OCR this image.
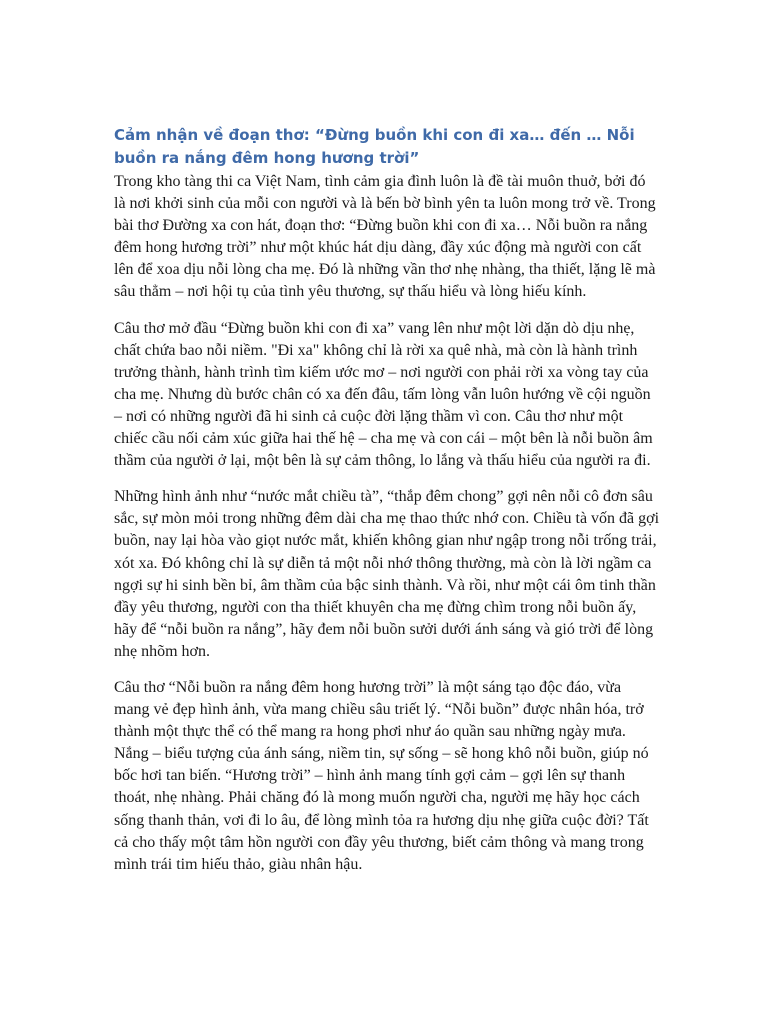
Cảm nhận về đoạn thơ: “Đừng buồn khi con đi xa… đến … Nỗi buồn ra nắng đêm hong hương trời”

Trong kho tàng thi ca Việt Nam, tình cảm gia đình luôn là đề tài muôn thuở, bởi đó là nơi khởi sinh của mỗi con người và là bến bờ bình yên ta luôn mong trở về. Trong bài thơ Đường xa con hát, đoạn thơ: “Đừng buồn khi con đi xa… Nỗi buồn ra nắng đêm hong hương trời” như một khúc hát dịu dàng, đầy xúc động mà người con cất lên để xoa dịu nỗi lòng cha mẹ. Đó là những vần thơ nhẹ nhàng, tha thiết, lặng lẽ mà sâu thẳm – nơi hội tụ của tình yêu thương, sự thấu hiểu và lòng hiếu kính.

Câu thơ mở đầu “Đừng buồn khi con đi xa” vang lên như một lời dặn dò dịu nhẹ, chất chứa bao nỗi niềm. "Đi xa" không chỉ là rời xa quê nhà, mà còn là hành trình trưởng thành, hành trình tìm kiếm ước mơ – nơi người con phải rời xa vòng tay của cha mẹ. Nhưng dù bước chân có xa đến đâu, tấm lòng vẫn luôn hướng về cội nguồn – nơi có những người đã hi sinh cả cuộc đời lặng thầm vì con. Câu thơ như một chiếc cầu nối cảm xúc giữa hai thế hệ – cha mẹ và con cái – một bên là nỗi buồn âm thầm của người ở lại, một bên là sự cảm thông, lo lắng và thấu hiểu của người ra đi.

Những hình ảnh như “nước mắt chiều tà”, “thắp đêm chong” gợi nên nỗi cô đơn sâu sắc, sự mòn mỏi trong những đêm dài cha mẹ thao thức nhớ con. Chiều tà vốn đã gợi buồn, nay lại hòa vào giọt nước mắt, khiến không gian như ngập trong nỗi trống trải, xót xa. Đó không chỉ là sự diễn tả một nỗi nhớ thông thường, mà còn là lời ngầm ca ngợi sự hi sinh bền bỉ, âm thầm của bậc sinh thành. Và rồi, như một cái ôm tinh thần đầy yêu thương, người con tha thiết khuyên cha mẹ đừng chìm trong nỗi buồn ấy, hãy để “nỗi buồn ra nắng”, hãy đem nỗi buồn sưởi dưới ánh sáng và gió trời để lòng nhẹ nhõm hơn.

Câu thơ “Nỗi buồn ra nắng đêm hong hương trời” là một sáng tạo độc đáo, vừa mang vẻ đẹp hình ảnh, vừa mang chiều sâu triết lý. “Nỗi buồn” được nhân hóa, trở thành một thực thể có thể mang ra hong phơi như áo quần sau những ngày mưa. Nắng – biểu tượng của ánh sáng, niềm tin, sự sống – sẽ hong khô nỗi buồn, giúp nó bốc hơi tan biến. “Hương trời” – hình ảnh mang tính gợi cảm – gợi lên sự thanh thoát, nhẹ nhàng. Phải chăng đó là mong muốn người cha, người mẹ hãy học cách sống thanh thản, vơi đi lo âu, để lòng mình tỏa ra hương dịu nhẹ giữa cuộc đời? Tất cả cho thấy một tâm hồn người con đầy yêu thương, biết cảm thông và mang trong mình trái tim hiếu thảo, giàu nhân hậu.
